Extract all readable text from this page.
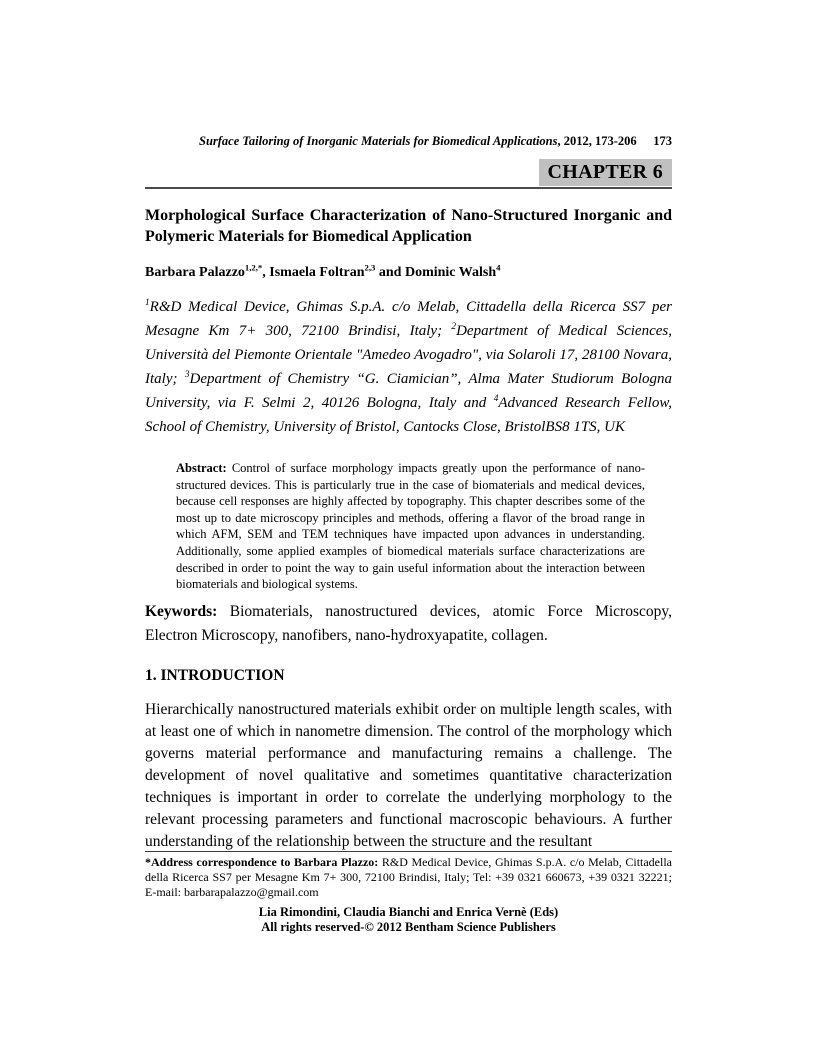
Surface Tailoring of Inorganic Materials for Biomedical Applications , 2012, 173-206 173
CHAPTER 6
Morphological Surface Characterization of Nano-Structured Inorganic and Polymeric Materials for Biomedical Application

Barbara Palazzo$^{1,2,*}$, Ismaela Foltran$^{2,3}$ and Dominic Walsh$^4$

$^1$R&D Medical Device, Ghimas S.p.A. c/o Melab, Cittadella della Ricerca SS7 per Mesagne Km 7+ 300, 72100 Brindisi, Italy; $^2$Department of Medical Sciences, Università del Piemonte Orientale "Amedeo Avogadro", via Solaroli 17, 28100 Novara, Italy; $^3$Department of Chemistry “G. Ciamician”, Alma Mater Studiorum Bologna University, via F. Selmi 2, 40126 Bologna, Italy and $^4$Advanced Research Fellow, School of Chemistry, University of Bristol, Cantocks Close, BristolBS8 1TS, UK

Abstract: Control of surface morphology impacts greatly upon the performance of nano-structured devices. This is particularly true in the case of biomaterials and medical devices, because cell responses are highly affected by topography. This chapter describes some of the most up to date microscopy principles and methods, offering a flavor of the broad range in which AFM, SEM and TEM techniques have impacted upon advances in understanding. Additionally, some applied examples of biomedical materials surface characterizations are described in order to point the way to gain useful information about the interaction between biomaterials and biological systems.

Keywords: Biomaterials, nanostructured devices, atomic Force Microscopy, Electron Microscopy, nanofibers, nano-hydroxyapatite, collagen.

1. INTRODUCTION

Hierarchically nanostructured materials exhibit order on multiple length scales, with at least one of which in nanometre dimension. The control of the morphology which governs material performance and manufacturing remains a challenge. The development of novel qualitative and sometimes quantitative characterization techniques is important in order to correlate the underlying morphology to the relevant processing parameters and functional macroscopic behaviours. A further understanding of the relationship between the structure and the resultant

*Address correspondence to Barbara Plazzo: R&D Medical Device, Ghimas S.p.A. c/o Melab, Cittadella della Ricerca SS7 per Mesagne Km 7+ 300, 72100 Brindisi, Italy; Tel: +39 0321 660673, +39 0321 32221; E-mail: barbarapalazzo@gmail.com

Lia Rimondini, Claudia Bianchi and Enrica Vernè (Eds)
All rights reserved-© 2012 Bentham Science Publishers
